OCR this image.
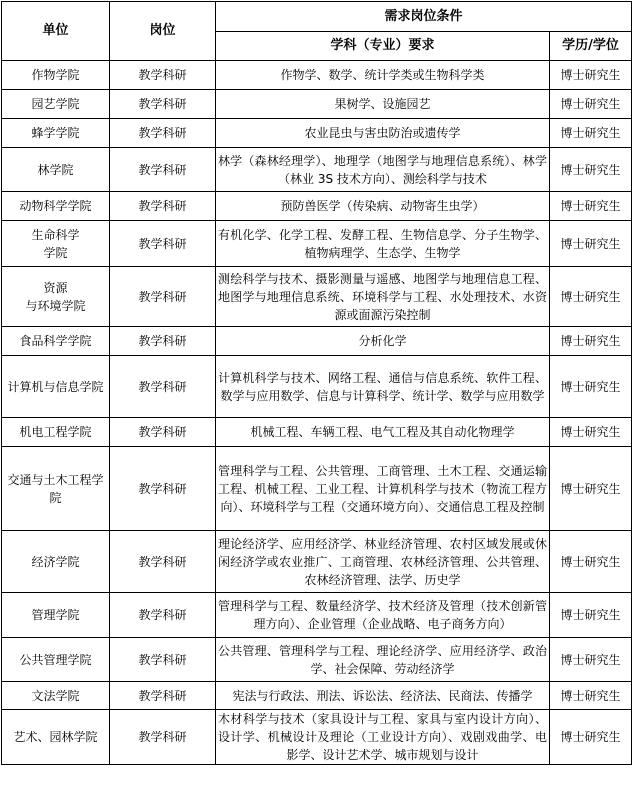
单位	岗位	需求岗位条件	
		学科（专业）要求	学历/学位

作物学院	教学科研	作物学、数学、统计学类或生物科学类	博士研究生

园艺学院	教学科研	果树学、设施园艺	博士研究生

蜂学学院	教学科研	农业昆虫与害虫防治或遗传学	博士研究生

林学院	教学科研	林学（森林经理学）、地理学（地图学与地理信息系统）、林学（林业 3S 技术方向）、测绘科学与技术	博士研究生

动物科学学院	教学科研	预防兽医学（传染病、动物寄生虫学）	博士研究生

生命科学
学院	教学科研	有机化学、化学工程、发酵工程、生物信息学、分子生物学、植物病理学、生态学、生物学	博士研究生

资源
与环境学院	教学科研	测绘科学与技术、摄影测量与遥感、地图学与地理信息工程、地图学与地理信息系统、环境科学与工程、水处理技术、水资源或面源污染控制	博士研究生

食品科学学院	教学科研	分析化学	博士研究生

计算机与信息学院	教学科研	计算机科学与技术、网络工程、通信与信息系统、软件工程、数学与应用数学、信息与计算科学、统计学、数学与应用数学	博士研究生

机电工程学院	教学科研	机械工程、车辆工程、电气工程及其自动化物理学	博士研究生

交通与土木工程学
院	教学科研	管理科学与工程、公共管理、工商管理、土木工程、交通运输工程、机械工程、工业工程、计算机科学与技术（物流工程方向）、环境科学与工程（交通环境方向）、交通信息工程及控制	博士研究生

经济学院	教学科研	理论经济学、应用经济学、林业经济管理、农村区域发展或休闲经济学或农业推广、工商管理、农林经济管理、公共管理、农林经济管理、法学、历史学	博士研究生

管理学院	教学科研	管理科学与工程、数量经济学、技术经济及管理（技术创新管理方向）、企业管理（企业战略、电子商务方向）	博士研究生

公共管理学院	教学科研	公共管理、管理科学与工程、理论经济学、应用经济学、政治学、社会保障、劳动经济学	博士研究生

文法学院	教学科研	宪法与行政法、刑法、诉讼法、经济法、民商法、传播学	博士研究生

艺术、园林学院	教学科研	木材科学与技术（家具设计与工程、家具与室内设计方向）、设计学、机械设计及理论（工业设计方向）、戏剧戏曲学、电影学、设计艺术学、城市规划与设计	博士研究生
